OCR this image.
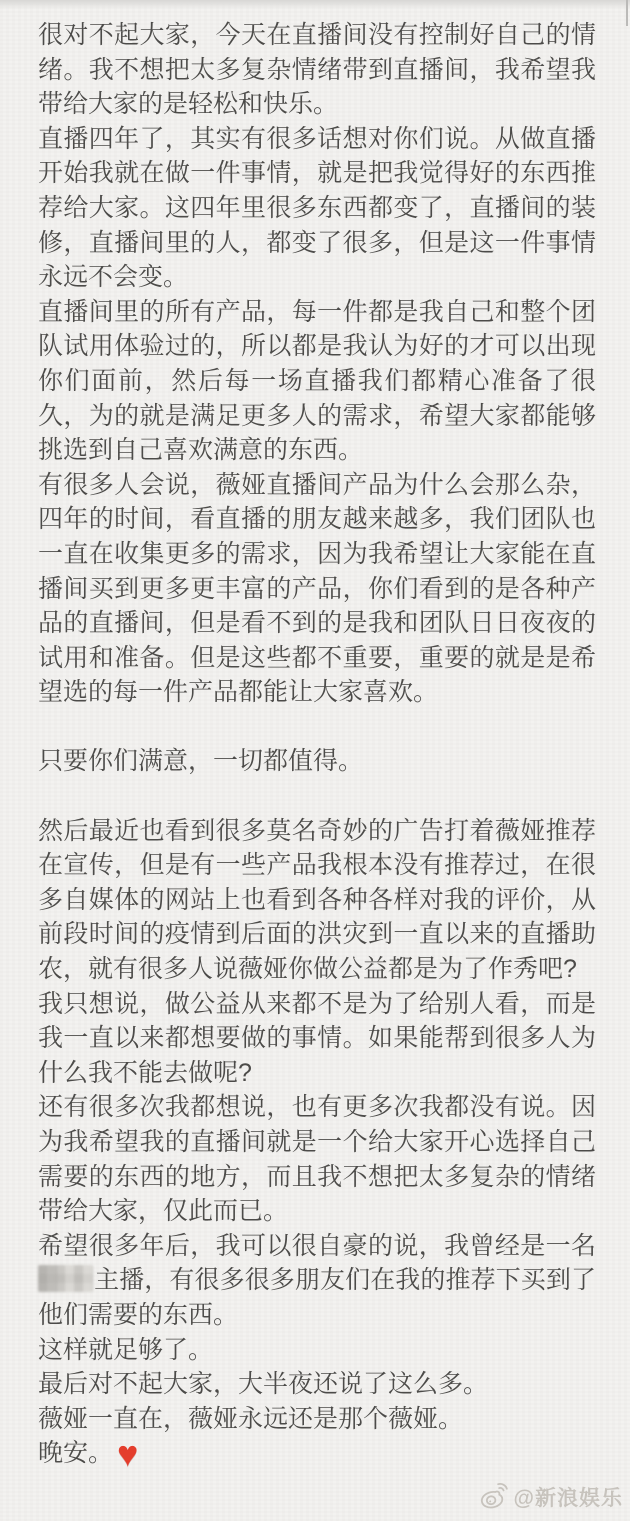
很对不起大家，今天在直播间没有控制好自己的情绪。我不想把太多复杂情绪带到直播间，我希望我带给大家的是轻松和快乐。

直播四年了，其实有很多话想对你们说。从做直播开始我就在做一件事情，就是把我觉得好的东西推荐给大家。这四年里很多东西都变了，直播间的装修，直播间里的人，都变了很多，但是这一件事情永远不会变。

直播间里的所有产品，每一件都是我自己和整个团队试用体验过的，所以都是我认为好的才可以出现你们面前，然后每一场直播我们都精心准备了很久，为的就是满足更多人的需求，希望大家都能够挑选到自己喜欢满意的东西。

有很多人会说，薇娅直播间产品为什么会那么杂，四年的时间，看直播的朋友越来越多，我们团队也一直在收集更多的需求，因为我希望让大家能在直播间买到更多更丰富的产品，你们看到的是各种产品的直播间，但是看不到的是我和团队日日夜夜的试用和准备。但是这些都不重要，重要的就是是希望选的每一件产品都能让大家喜欢。

只要你们满意，一切都值得。

然后最近也看到很多莫名奇妙的广告打着薇娅推荐在宣传，但是有一些产品我根本没有推荐过，在很多自媒体的网站上也看到各种各样对我的评价，从前段时间的疫情到后面的洪灾到一直以来的直播助农，就有很多人说薇娅你做公益都是为了作秀吧?

我只想说，做公益从来都不是为了给别人看，而是我一直以来都想要做的事情。如果能帮到很多人为什么我不能去做呢?

还有很多次我都想说，也有更多次我都没有说。因为我希望我的直播间就是一个给大家开心选择自己需要的东西的地方，而且我不想把太多复杂的情绪带给大家，仅此而已。

希望很多年后，我可以很自豪的说，我曾经是一名主播，有很多很多朋友们在我的推荐下买到了他们需要的东西。

这样就足够了。

最后对不起大家，大半夜还说了这么多。

薇娅一直在，薇娅永远还是那个薇娅。

晚安。 ♥

@新浪娱乐
